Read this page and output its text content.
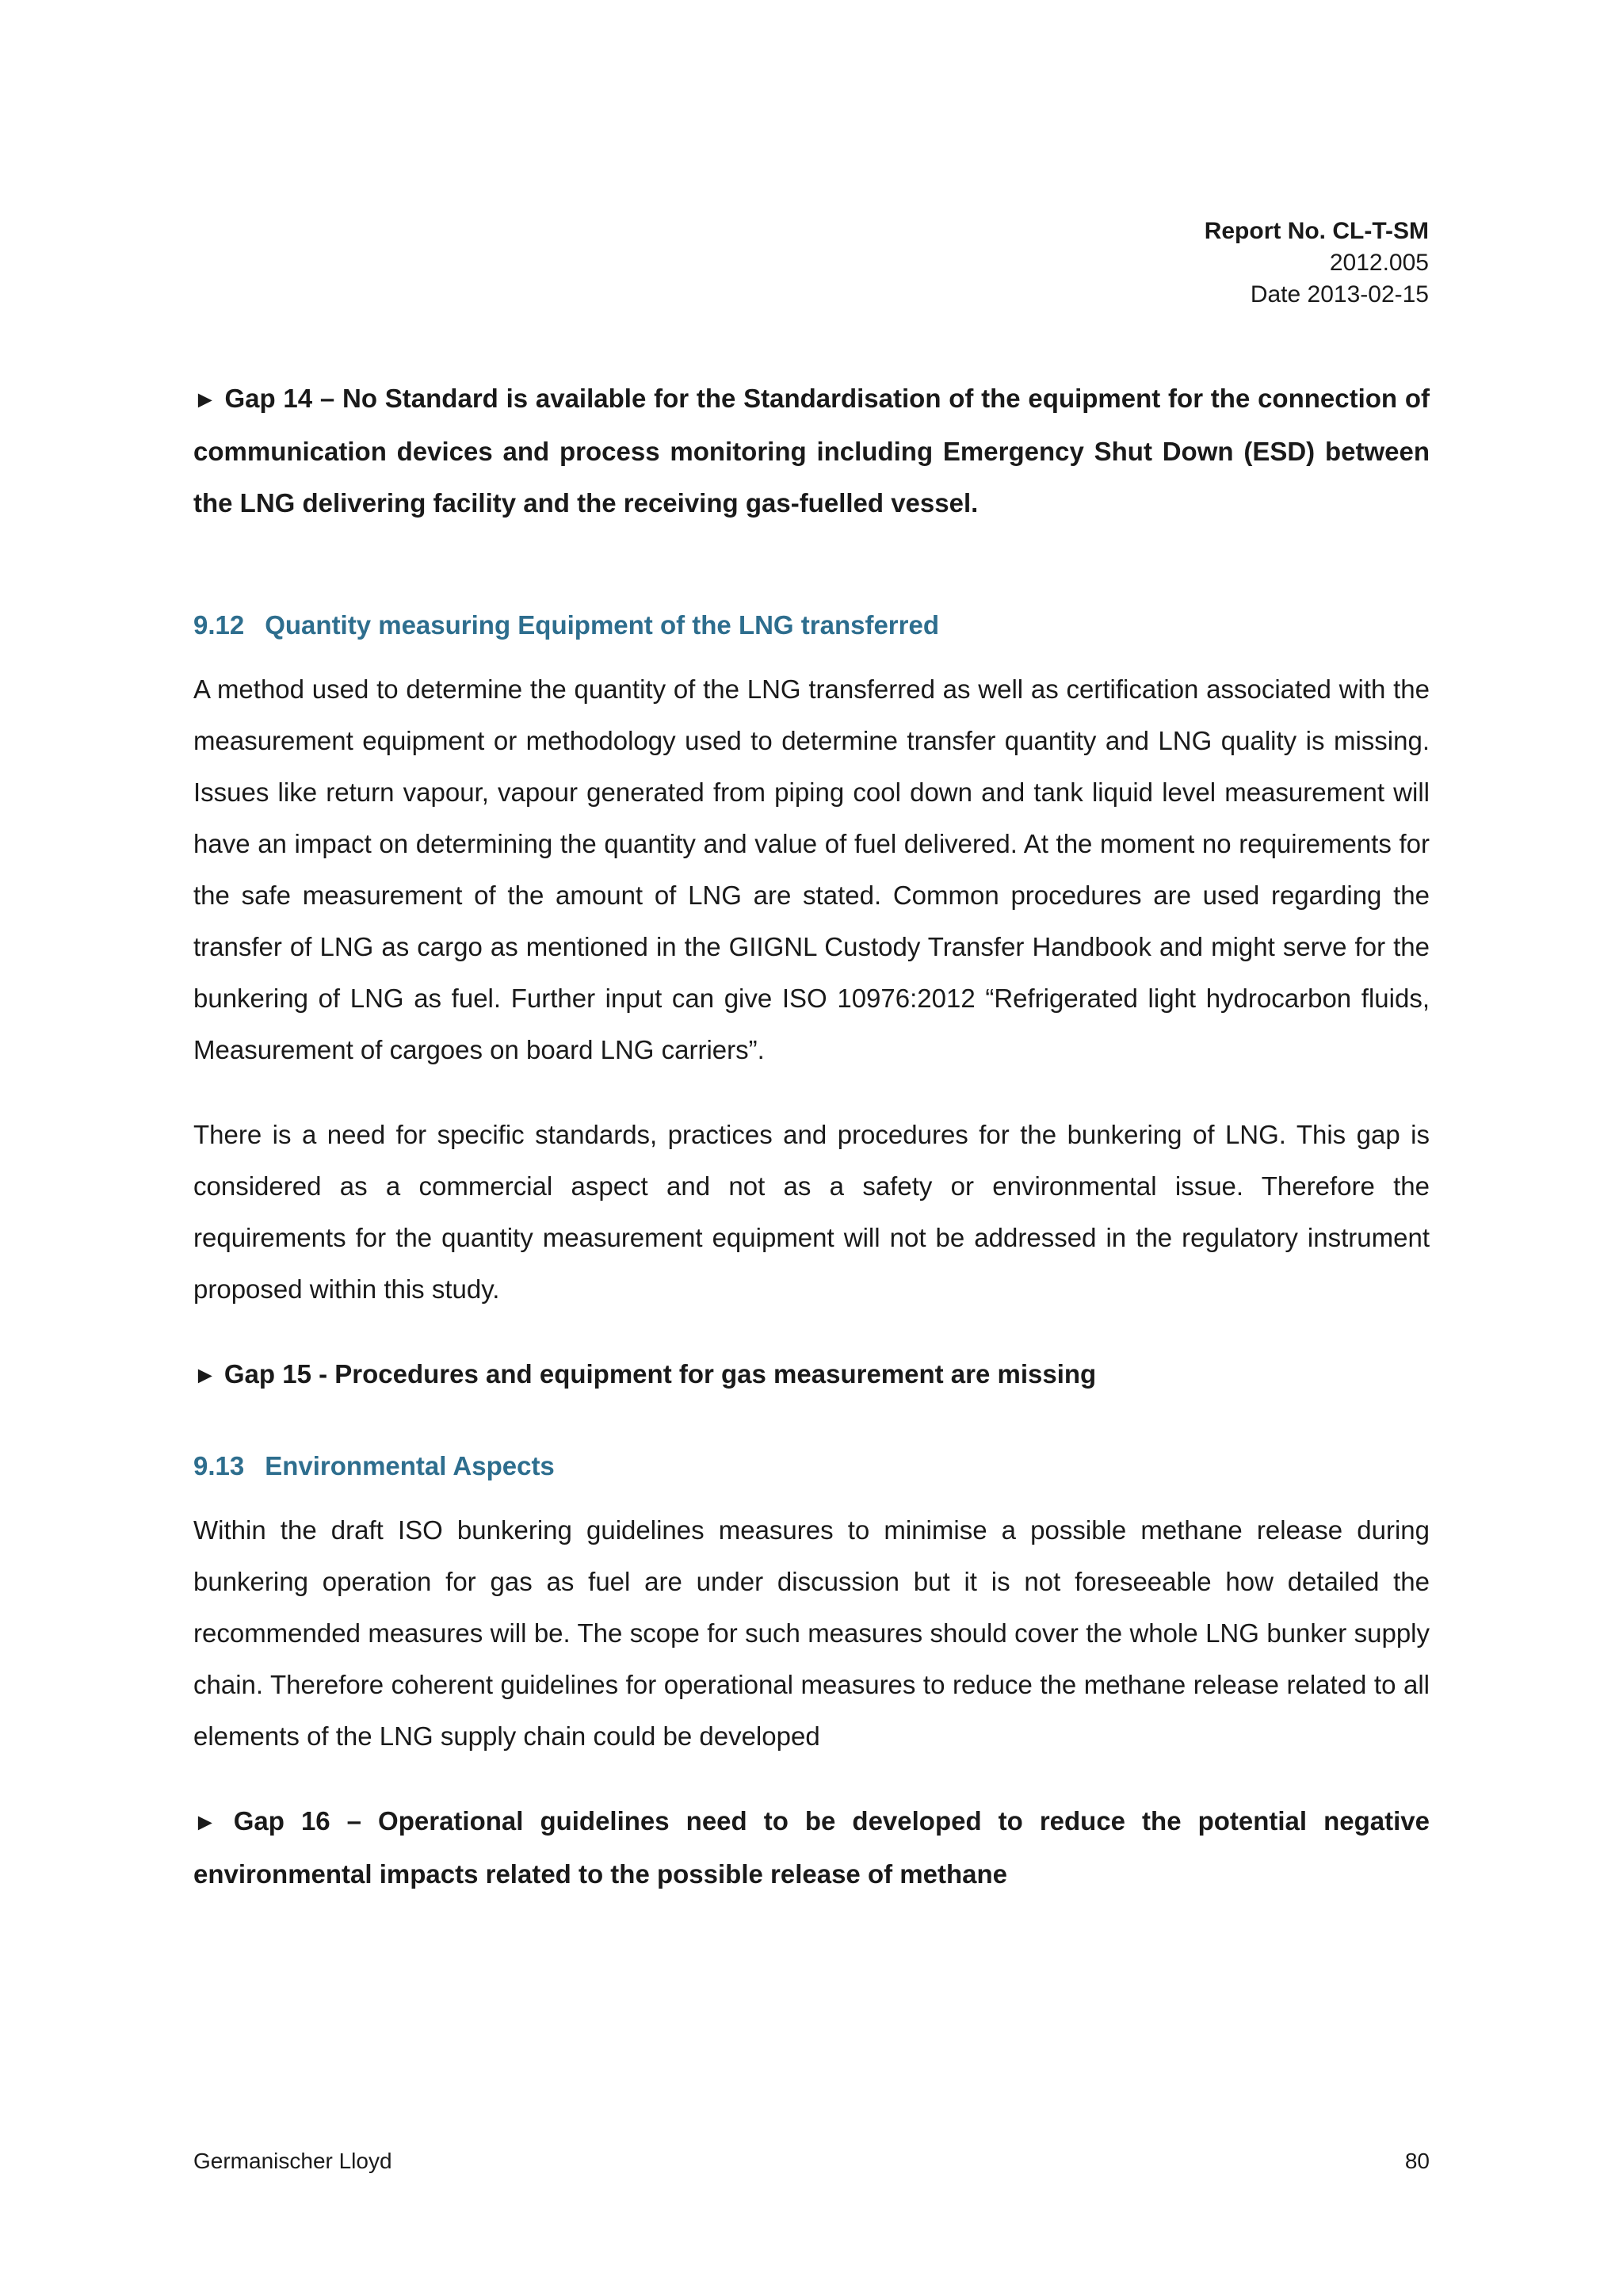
Report No. CL-T-SM
2012.005
Date 2013-02-15

► Gap 14 – No Standard is available for the Standardisation of the equipment for the connection of communication devices and process monitoring including Emergency Shut Down (ESD) between the LNG delivering facility and the receiving gas-fuelled vessel.

9.12 Quantity measuring Equipment of the LNG transferred

A method used to determine the quantity of the LNG transferred as well as certification associated with the measurement equipment or methodology used to determine transfer quantity and LNG quality is missing. Issues like return vapour, vapour generated from piping cool down and tank liquid level measurement will have an impact on determining the quantity and value of fuel delivered. At the moment no requirements for the safe measurement of the amount of LNG are stated. Common procedures are used regarding the transfer of LNG as cargo as mentioned in the GIIGNL Custody Transfer Handbook and might serve for the bunkering of LNG as fuel. Further input can give ISO 10976:2012 “Refrigerated light hydrocarbon fluids, Measurement of cargoes on board LNG carriers”.

There is a need for specific standards, practices and procedures for the bunkering of LNG. This gap is considered as a commercial aspect and not as a safety or environmental issue. Therefore the requirements for the quantity measurement equipment will not be addressed in the regulatory instrument proposed within this study.

► Gap 15 - Procedures and equipment for gas measurement are missing

9.13 Environmental Aspects

Within the draft ISO bunkering guidelines measures to minimise a possible methane release during bunkering operation for gas as fuel are under discussion but it is not foreseeable how detailed the recommended measures will be. The scope for such measures should cover the whole LNG bunker supply chain. Therefore coherent guidelines for operational measures to reduce the methane release related to all elements of the LNG supply chain could be developed

► Gap 16 – Operational guidelines need to be developed to reduce the potential negative environmental impacts related to the possible release of methane

Germanischer Lloyd	80
